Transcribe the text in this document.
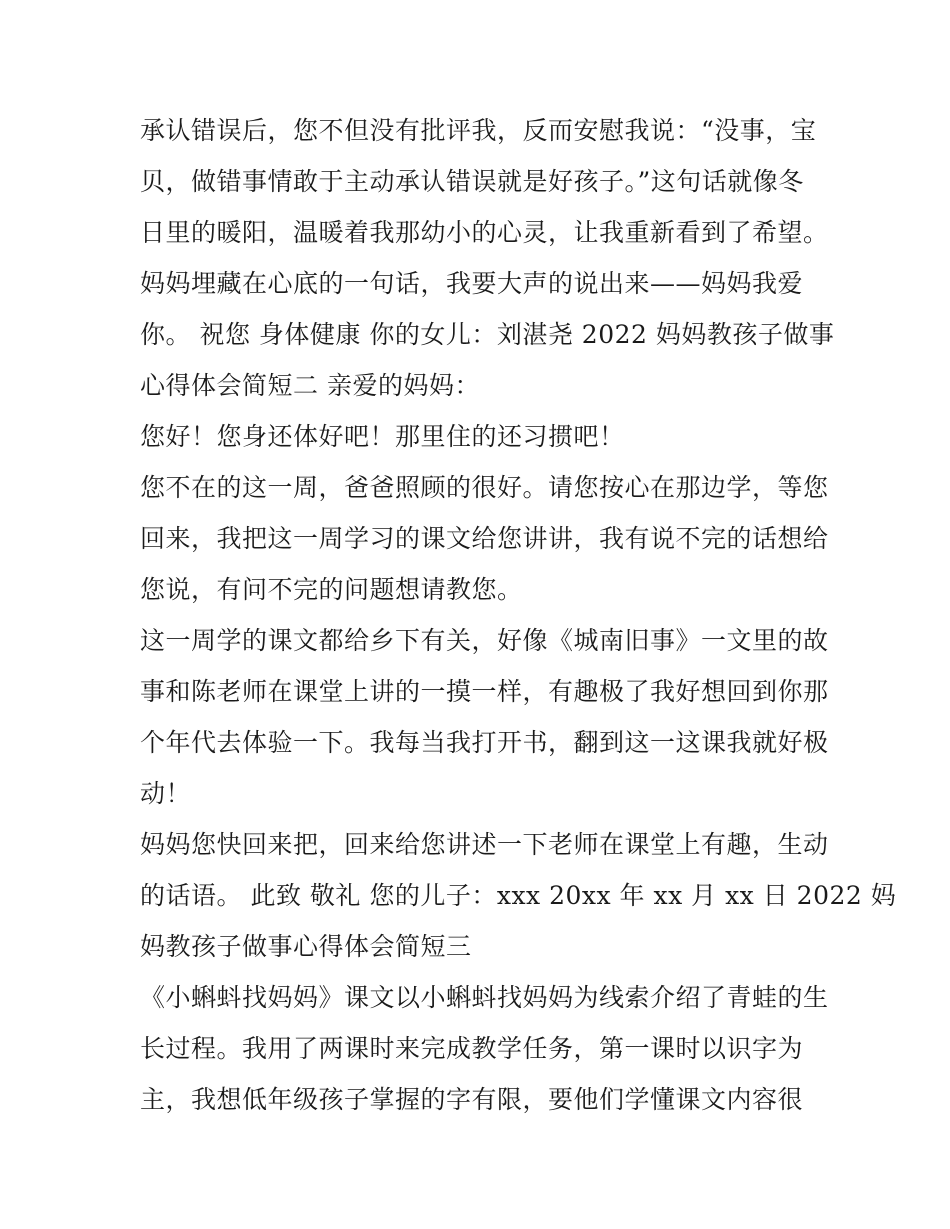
承认错误后，您不但没有批评我，反而安慰我说：“没事，宝
贝，做错事情敢于主动承认错误就是好孩子。”这句话就像冬
日里的暖阳，温暖着我那幼小的心灵，让我重新看到了希望。
妈妈埋藏在心底的一句话，我要大声的说出来——妈妈我爱
你。 祝您 身体健康 你的女儿：刘湛尧 2022 妈妈教孩子做事
心得体会简短二 亲爱的妈妈：
您好！您身还体好吧！那里住的还习掼吧！
您不在的这一周，爸爸照顾的很好。请您按心在那边学，等您
回来，我把这一周学习的课文给您讲讲，我有说不完的话想给
您说，有问不完的问题想请教您。
这一周学的课文都给乡下有关，好像《城南旧事》一文里的故
事和陈老师在课堂上讲的一摸一样，有趣极了我好想回到你那
个年代去体验一下。我每当我打开书，翻到这一这课我就好极
动！
妈妈您快回来把，回来给您讲述一下老师在课堂上有趣，生动
的话语。 此致 敬礼 您的儿子：xxx 20xx 年 xx 月 xx 日 2022 妈
妈教孩子做事心得体会简短三
《小蝌蚪找妈妈》课文以小蝌蚪找妈妈为线索介绍了青蛙的生
长过程。我用了两课时来完成教学任务，第一课时以识字为
主，我想低年级孩子掌握的字有限，要他们学懂课文内容很
